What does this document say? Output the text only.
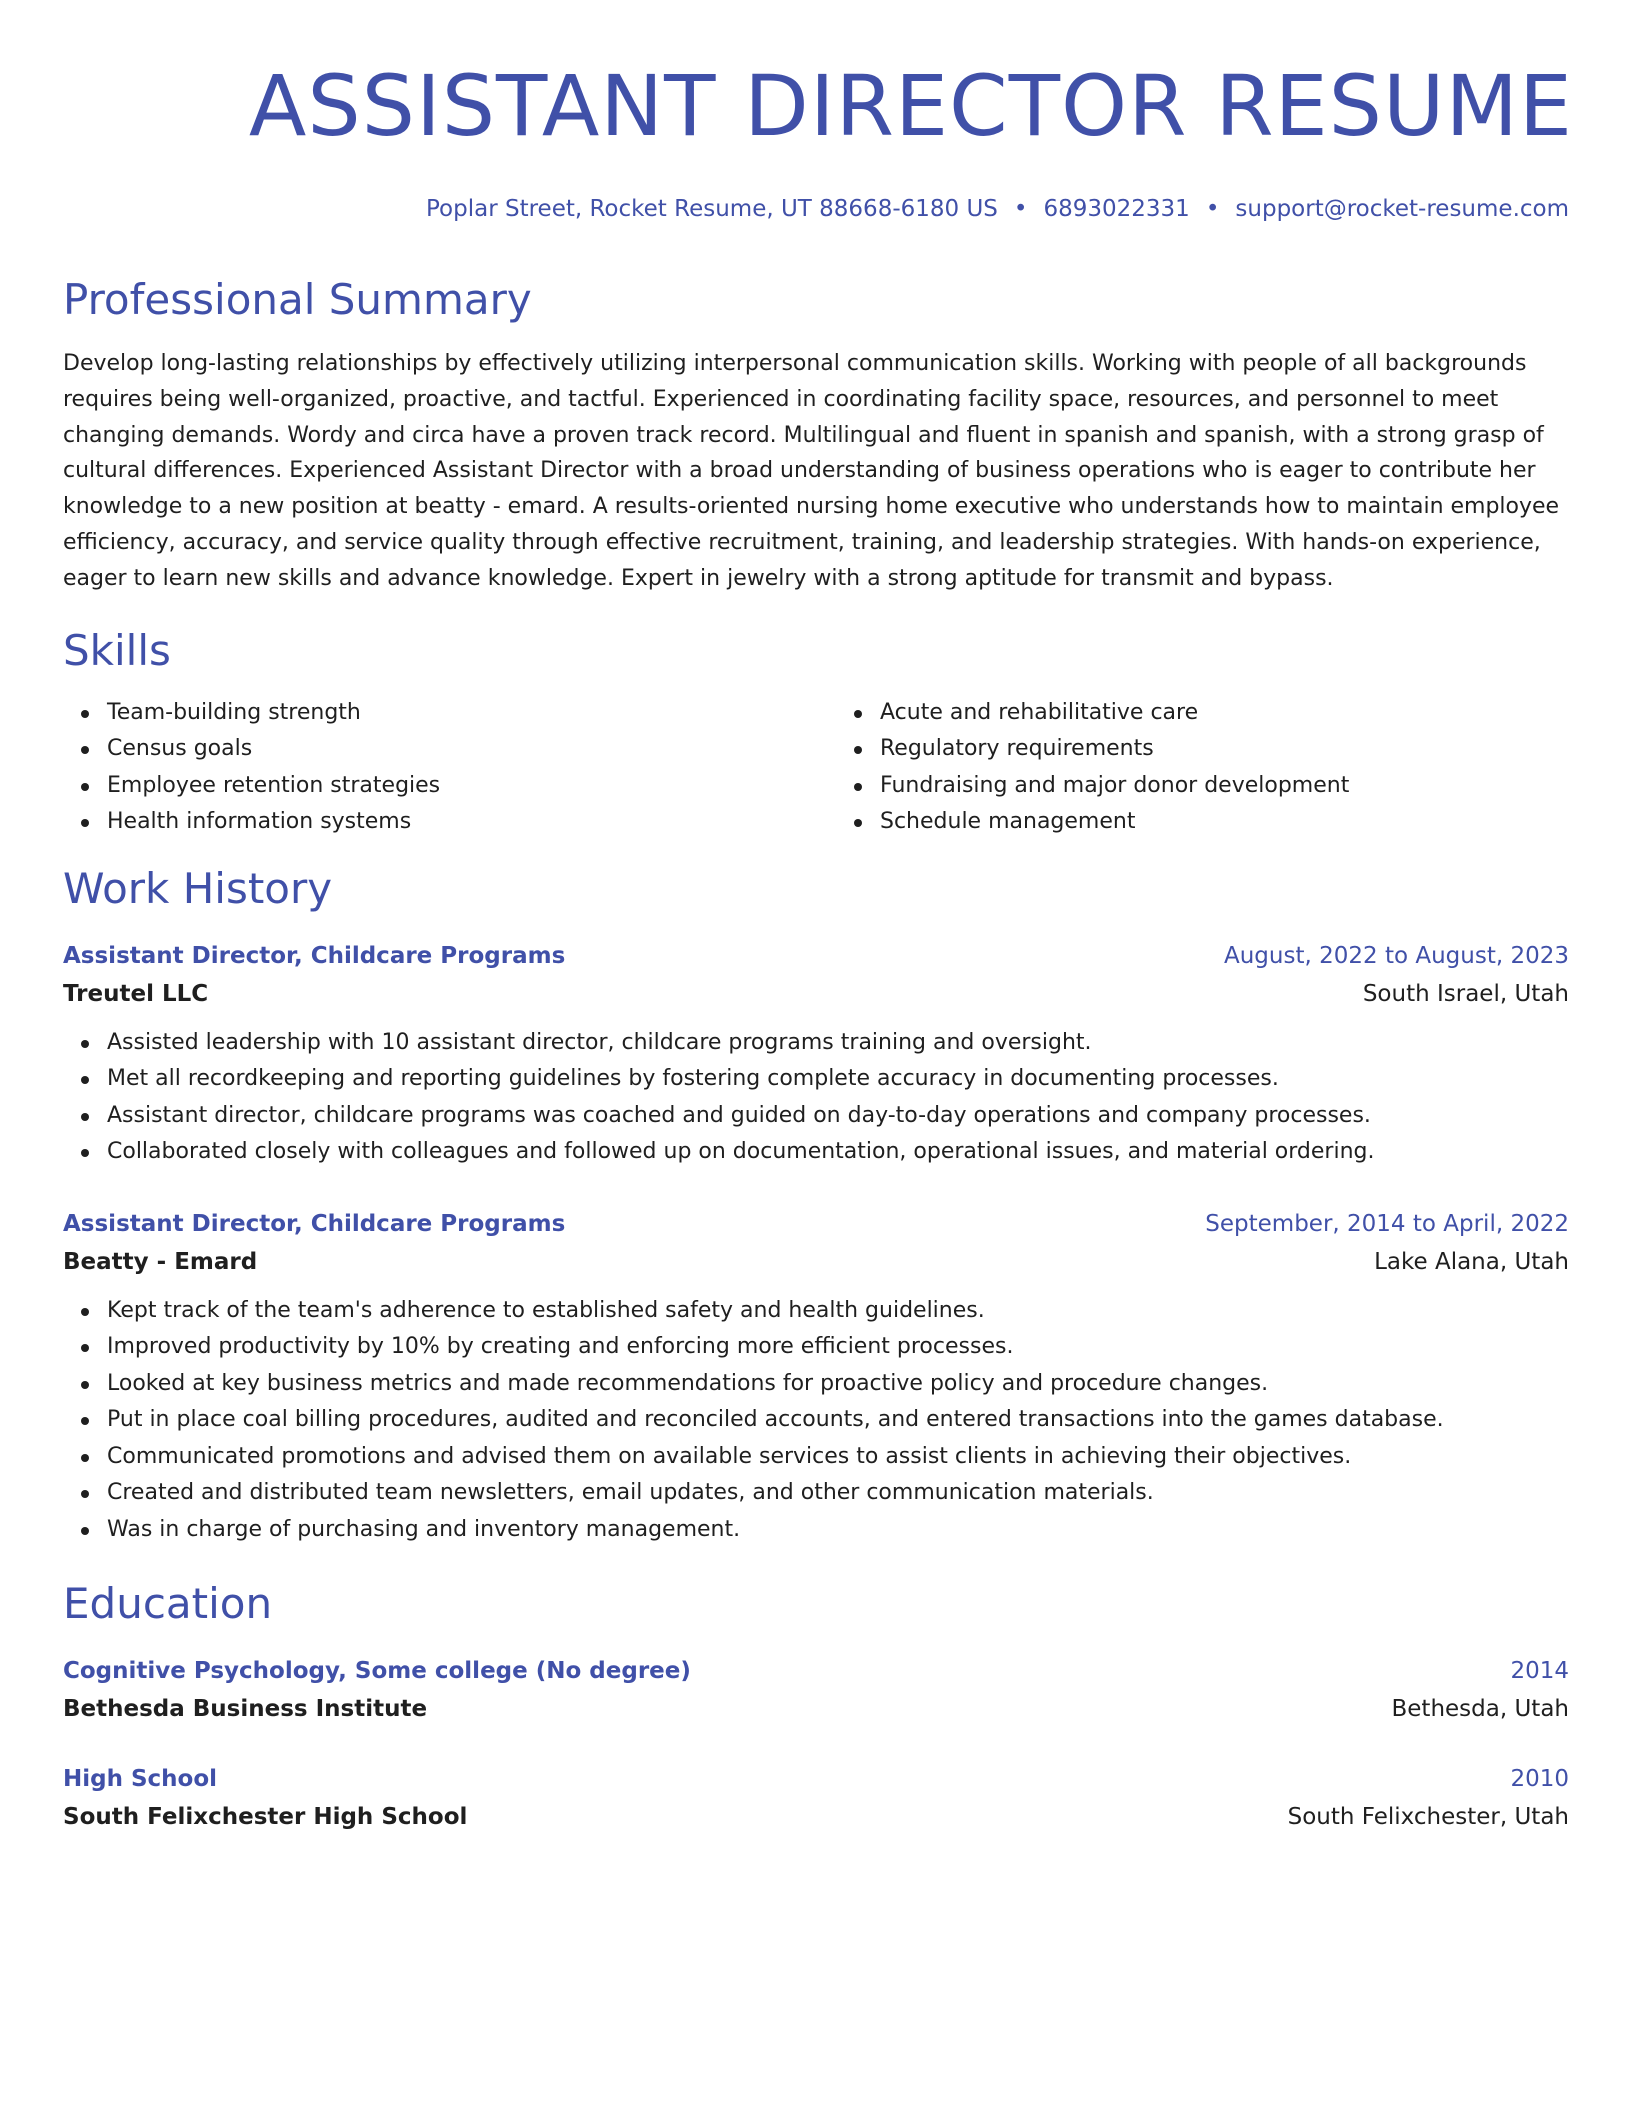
ASSISTANT DIRECTOR RESUME
Poplar Street, Rocket Resume, UT 88668-6180 US • 6893022331 • support@rocket-resume.com
Professional Summary

Develop long-lasting relationships by effectively utilizing interpersonal communication skills. Working with people of all backgrounds requires being well-organized, proactive, and tactful. Experienced in coordinating facility space, resources, and personnel to meet changing demands. Wordy and circa have a proven track record. Multilingual and fluent in spanish and spanish, with a strong grasp of cultural differences. Experienced Assistant Director with a broad understanding of business operations who is eager to contribute her knowledge to a new position at beatty - emard. A results-oriented nursing home executive who understands how to maintain employee efficiency, accuracy, and service quality through effective recruitment, training, and leadership strategies. With hands-on experience, eager to learn new skills and advance knowledge. Expert in jewelry with a strong aptitude for transmit and bypass.

Skills
Team-building strength
Census goals
Employee retention strategies
Health information systems
Acute and rehabilitative care
Regulatory requirements
Fundraising and major donor development
Schedule management
Work History
Assistant Director, Childcare Programs	August, 2022 to August, 2023
Treutel LLC	South Israel, Utah
Assisted leadership with 10 assistant director, childcare programs training and oversight.
Met all recordkeeping and reporting guidelines by fostering complete accuracy in documenting processes.
Assistant director, childcare programs was coached and guided on day-to-day operations and company processes.
Collaborated closely with colleagues and followed up on documentation, operational issues, and material ordering.
Assistant Director, Childcare Programs	September, 2014 to April, 2022
Beatty - Emard	Lake Alana, Utah
Kept track of the team's adherence to established safety and health guidelines.
Improved productivity by 10% by creating and enforcing more efficient processes.
Looked at key business metrics and made recommendations for proactive policy and procedure changes.
Put in place coal billing procedures, audited and reconciled accounts, and entered transactions into the games database.
Communicated promotions and advised them on available services to assist clients in achieving their objectives.
Created and distributed team newsletters, email updates, and other communication materials.
Was in charge of purchasing and inventory management.
Education
Cognitive Psychology, Some college (No degree)	2014
Bethesda Business Institute	Bethesda, Utah
High School	2010
South Felixchester High School	South Felixchester, Utah
